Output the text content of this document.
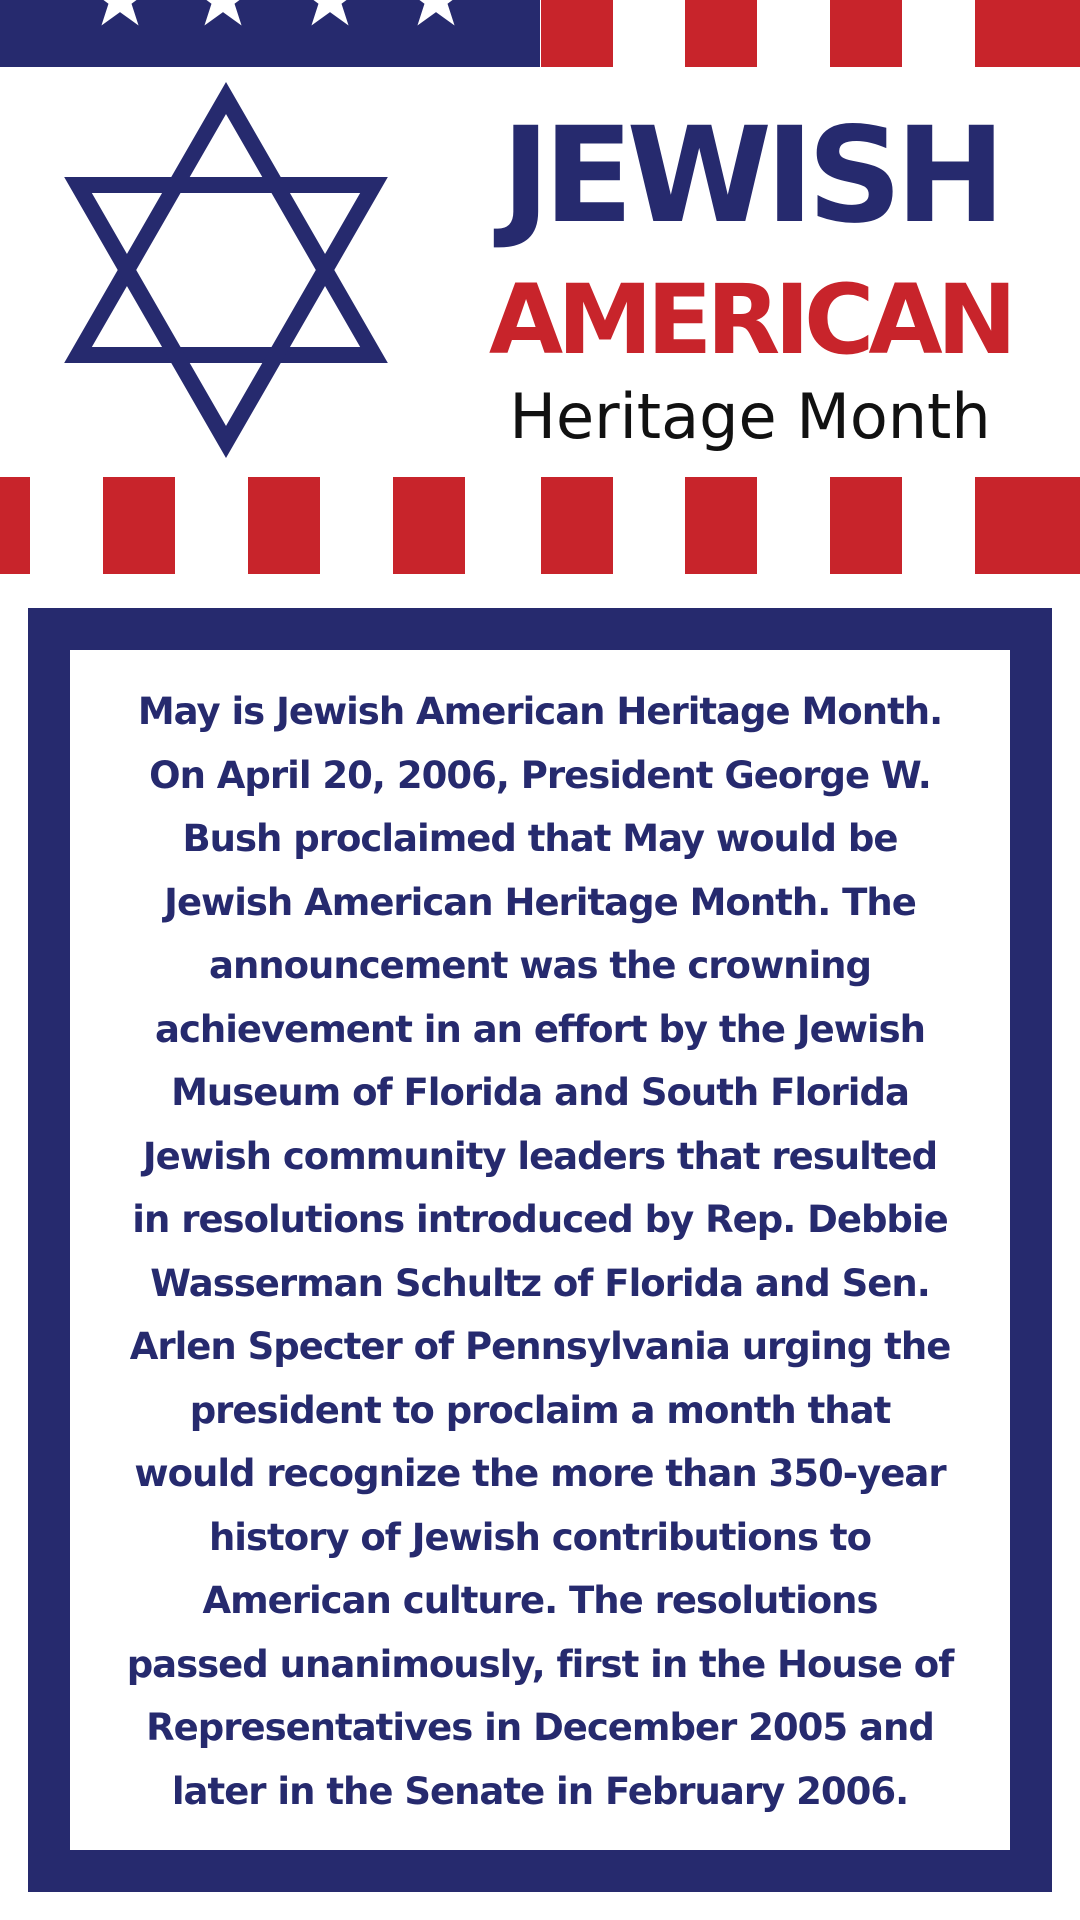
JEWISH
AMERICAN
Heritage Month

May is Jewish American Heritage Month.
On April 20, 2006, President George W.
Bush proclaimed that May would be
Jewish American Heritage Month. The
announcement was the crowning
achievement in an effort by the Jewish
Museum of Florida and South Florida
Jewish community leaders that resulted
in resolutions introduced by Rep. Debbie
Wasserman Schultz of Florida and Sen.
Arlen Specter of Pennsylvania urging the
president to proclaim a month that
would recognize the more than 350-year
history of Jewish contributions to
American culture. The resolutions
passed unanimously, first in the House of
Representatives in December 2005 and
later in the Senate in February 2006.
